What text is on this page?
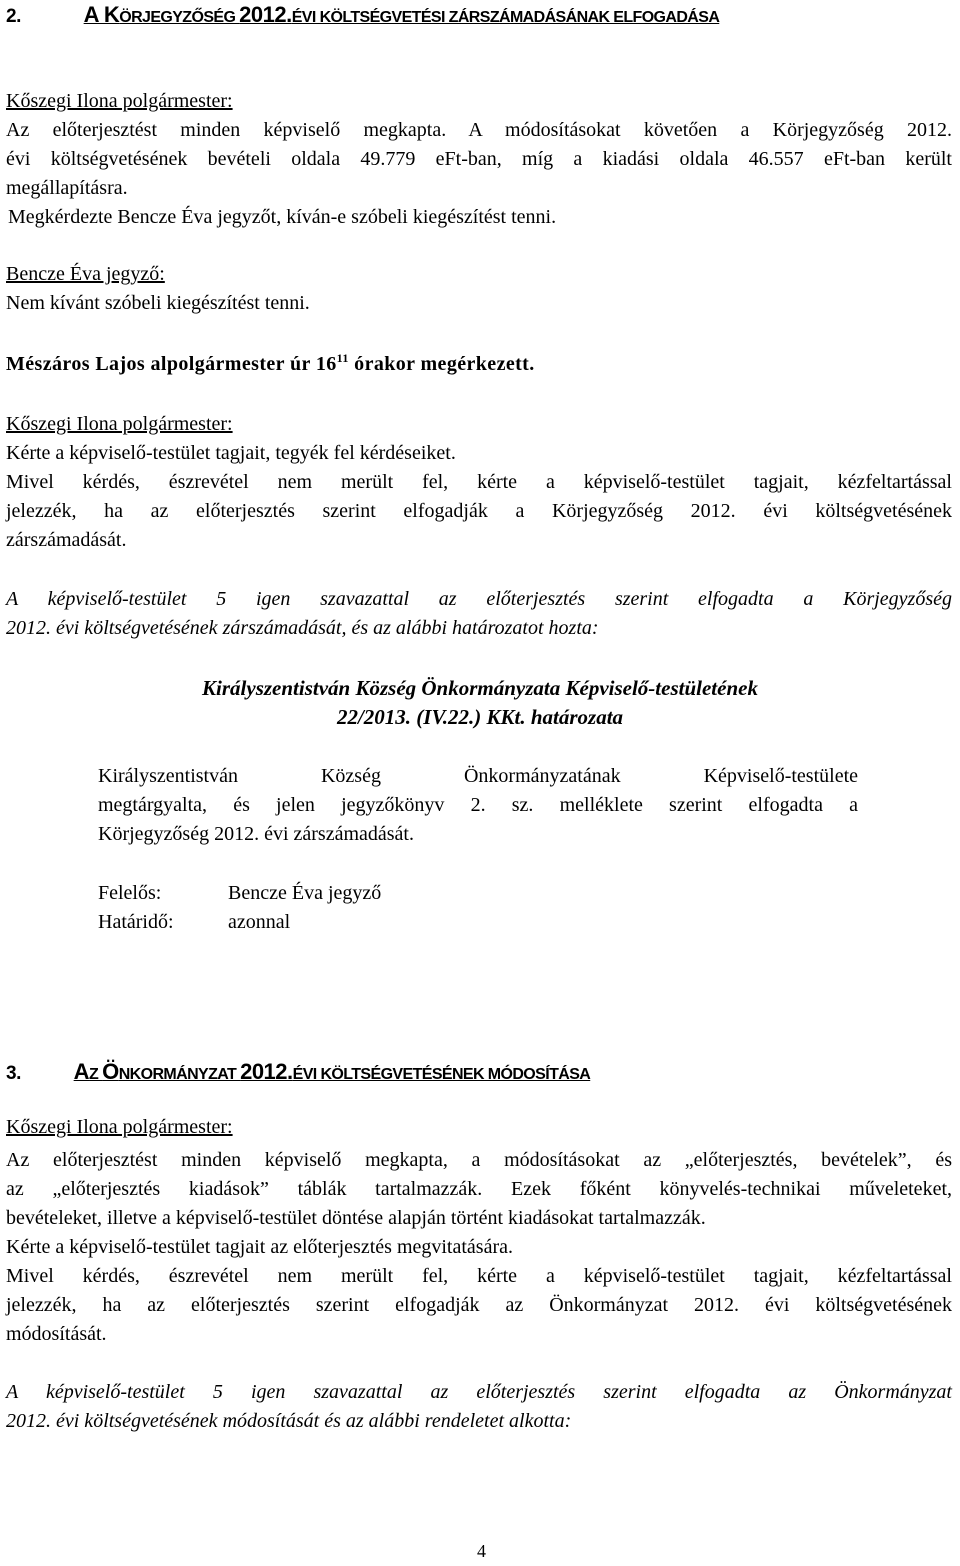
2.	A KÖRJEGYZŐSÉG 2012.ÉVI KÖLTSÉGVETÉSI ZÁRSZÁMADÁSÁNAK ELFOGADÁSA
Kőszegi Ilona polgármester:
Az előterjesztést minden képviselő megkapta. A módosításokat követően a Körjegyzőség 2012.
évi költségvetésének bevételi oldala 49.779 eFt-ban, míg a kiadási oldala 46.557 eFt-ban került
megállapításra.
Megkérdezte Bencze Éva jegyzőt, kíván-e szóbeli kiegészítést tenni.
Bencze Éva jegyző:
Nem kívánt szóbeli kiegészítést tenni.
Mészáros Lajos alpolgármester úr $16^{11}$ órakor megérkezett.
Kőszegi Ilona polgármester:
Kérte a képviselő-testület tagjait, tegyék fel kérdéseiket.
Mivel kérdés, észrevétel nem merült fel, kérte a képviselő-testület tagjait, kézfeltartással
jelezzék, ha az előterjesztés szerint elfogadják a Körjegyzőség 2012. évi költségvetésének
zárszámadását.
A képviselő-testület 5 igen szavazattal az előterjesztés szerint elfogadta a Körjegyzőség
2012. évi költségvetésének zárszámadását, és az alábbi határozatot hozta:
Királyszentistván Község Önkormányzata Képviselő-testületének
22/2013. (IV.22.) KKt. határozata
Királyszentistván Község Önkormányzatának Képviselő-testülete
megtárgyalta, és jelen jegyzőkönyv 2. sz. melléklete szerint elfogadta a
Körjegyzőség 2012. évi zárszámadását.
Felelős:	Bencze Éva jegyző
Határidő:	azonnal
3. AZ ÖNKORMÁNYZAT 2012.ÉVI KÖLTSÉGVETÉSÉNEK MÓDOSÍTÁSA
Kőszegi Ilona polgármester:
Az előterjesztést minden képviselő megkapta, a módosításokat az „előterjesztés, bevételek”, és
az „előterjesztés kiadások” táblák tartalmazzák. Ezek főként könyvelés-technikai műveleteket,
bevételeket, illetve a képviselő-testület döntése alapján történt kiadásokat tartalmazzák.
Kérte a képviselő-testület tagjait az előterjesztés megvitatására.
Mivel kérdés, észrevétel nem merült fel, kérte a képviselő-testület tagjait, kézfeltartással
jelezzék, ha az előterjesztés szerint elfogadják az Önkormányzat 2012. évi költségvetésének
módosítását.
A képviselő-testület 5 igen szavazattal az előterjesztés szerint elfogadta az Önkormányzat
2012. évi költségvetésének módosítását és az alábbi rendeletet alkotta:
4
